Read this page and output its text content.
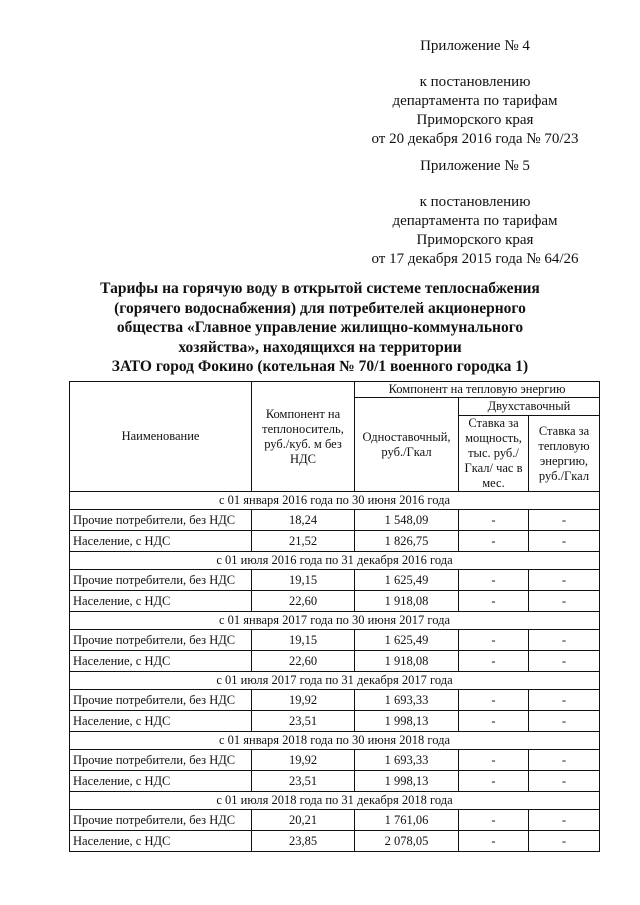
Приложение № 4
к постановлению
департамента по тарифам
Приморского края
от 20 декабря 2016 года № 70/23
Приложение № 5
к постановлению
департамента по тарифам
Приморского края
от 17 декабря 2015 года № 64/26
Тарифы на горячую воду в открытой системе теплоснабжения
(горячего водоснабжения) для потребителей акционерного
общества «Главное управление жилищно-коммунального
хозяйства», находящихся на территории
ЗАТО город Фокино (котельная № 70/1 военного городка 1)
Наименование	Компонент на теплоноситель, руб./куб. м без НДС	Компонент на тепловую энергию		
		Одноставочный, руб./Гкал	Двухставочный	
			Ставка за мощность, тыс. руб./Гкал/ час в мес.	Ставка за тепловую энергию, руб./Гкал
с 01 января 2016 года по 30 июня 2016 года				
Прочие потребители, без НДС	18,24	1 548,09	-	-
Население, с НДС	21,52	1 826,75	-	-
с 01 июля 2016 года по 31 декабря 2016 года				
Прочие потребители, без НДС	19,15	1 625,49	-	-
Население, с НДС	22,60	1 918,08	-	-
с 01 января 2017 года по 30 июня 2017 года				
Прочие потребители, без НДС	19,15	1 625,49	-	-
Население, с НДС	22,60	1 918,08	-	-
с 01 июля 2017 года по 31 декабря 2017 года				
Прочие потребители, без НДС	19,92	1 693,33	-	-
Население, с НДС	23,51	1 998,13	-	-
с 01 января 2018 года по 30 июня 2018 года				
Прочие потребители, без НДС	19,92	1 693,33	-	-
Население, с НДС	23,51	1 998,13	-	-
с 01 июля 2018 года по 31 декабря 2018 года				
Прочие потребители, без НДС	20,21	1 761,06	-	-
Население, с НДС	23,85	2 078,05	-	-
